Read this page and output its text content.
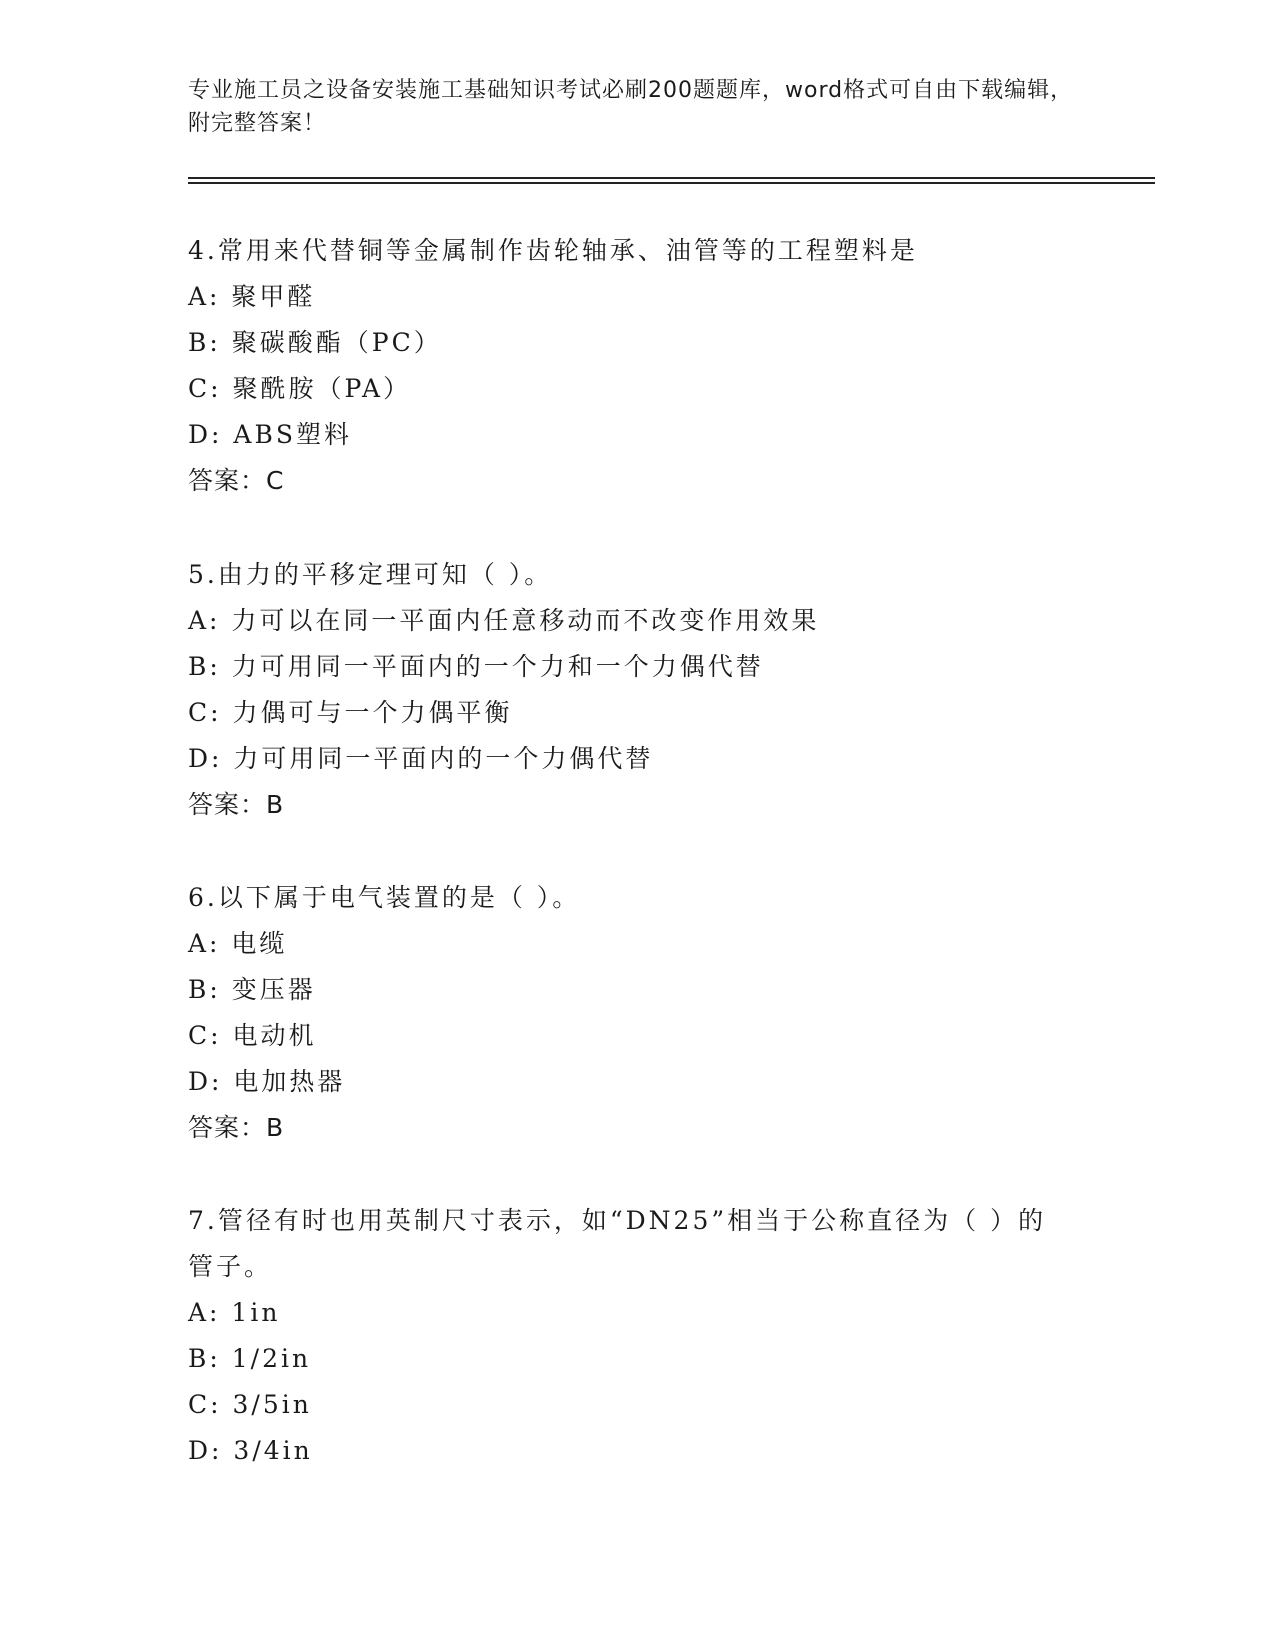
专业施工员之设备安装施工基础知识考试必刷200题题库，word格式可自由下载编辑，附完整答案！
4.常用来代替铜等金属制作齿轮轴承、油管等的工程塑料是
A: 聚甲醛
B: 聚碳酸酯（PC）
C: 聚酰胺（PA）
D: ABS塑料
答案：C
5.由力的平移定理可知（ ）。
A: 力可以在同一平面内任意移动而不改变作用效果
B: 力可用同一平面内的一个力和一个力偶代替
C: 力偶可与一个力偶平衡
D: 力可用同一平面内的一个力偶代替
答案：B
6.以下属于电气装置的是（ ）。
A: 电缆
B: 变压器
C: 电动机
D: 电加热器
答案：B
7.管径有时也用英制尺寸表示，如“DN25”相当于公称直径为（ ）的管子。
A: 1in
B: 1/2in
C: 3/5in
D: 3/4in
